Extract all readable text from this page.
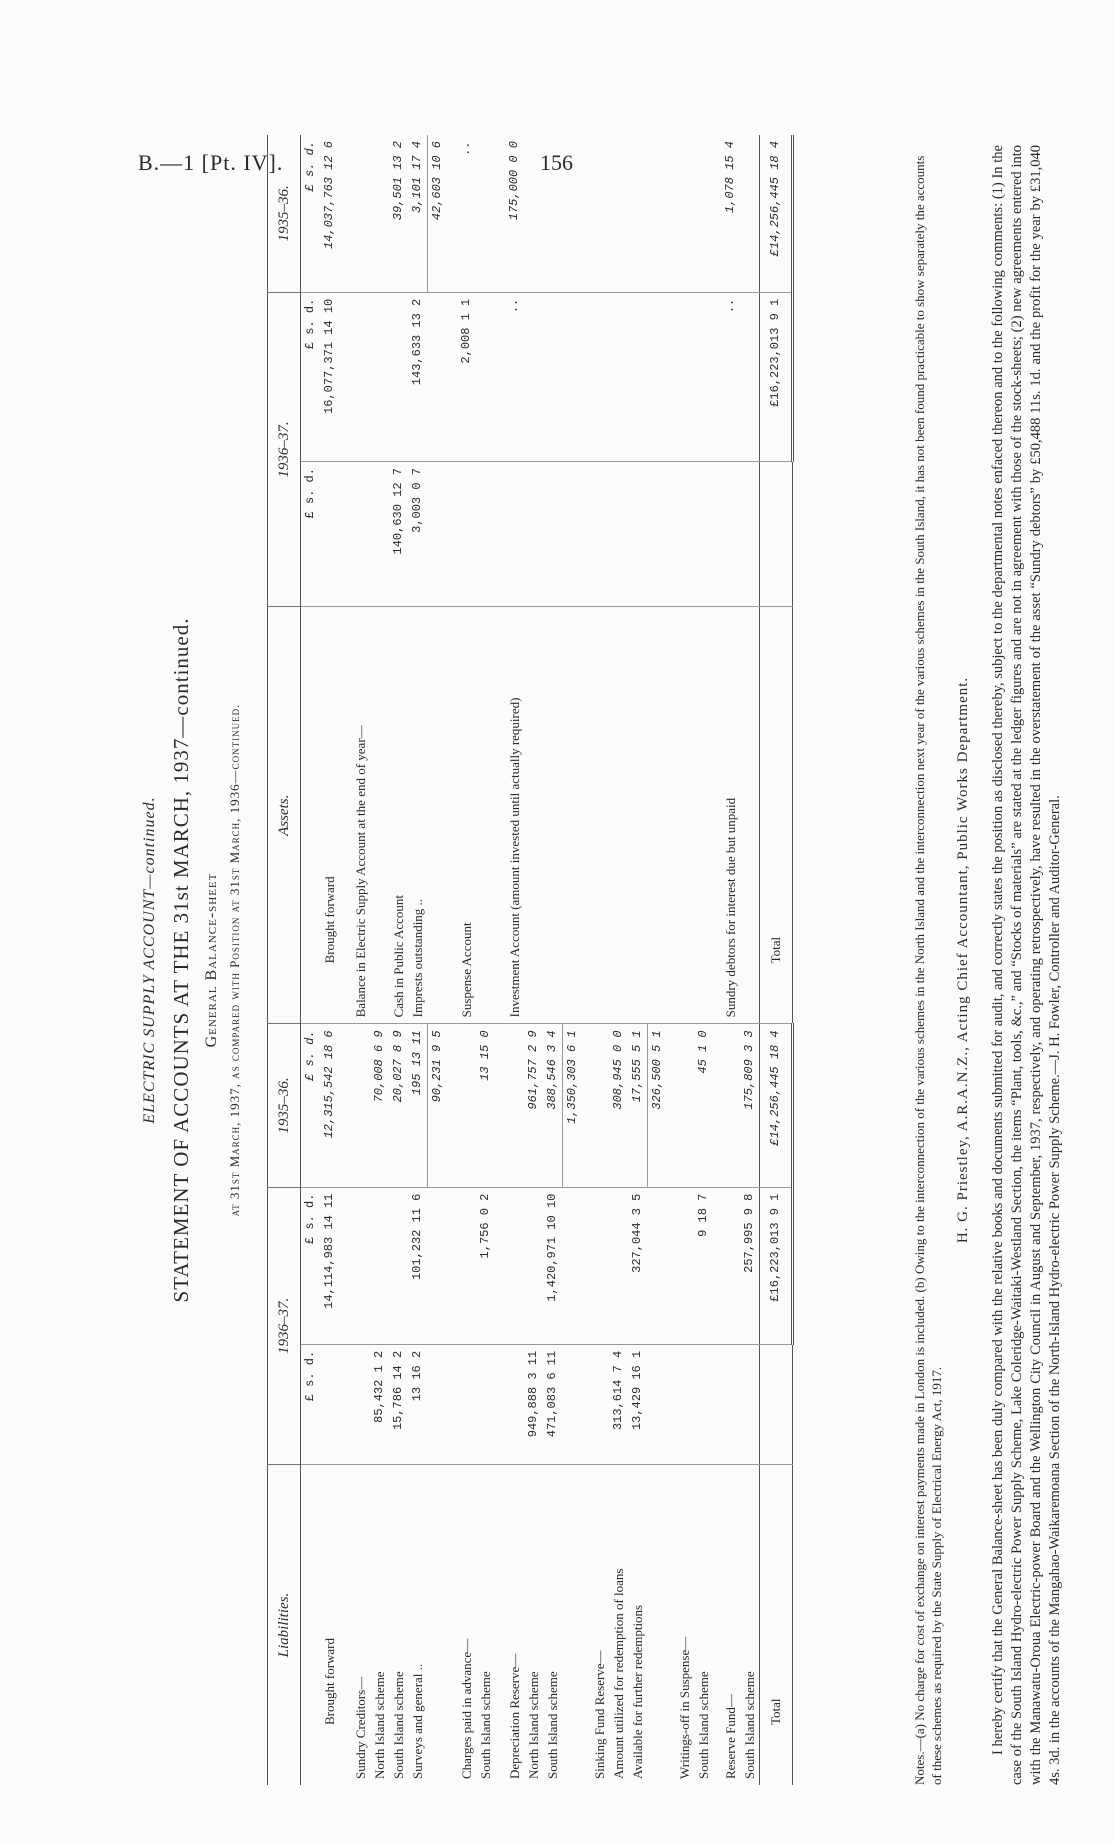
B.—1 [Pt. IV].	156
ELECTRIC SUPPLY ACCOUNT—continued. STATEMENT OF ACCOUNTS AT THE 31st MARCH, 1937—continued. General Balance-sheet at 31st March, 1937, as compared with Position at 31st March, 1936—continued.
Liabilities.	1936–37.		1935–36.	Assets.	1936–37.		1935–36.
	£ s. d.	£ s. d.	£ s. d.		£ s. d.	£ s. d.	£ s. d.
Brought forward		14,114,983 14 11	12,315,542 18 6	Brought forward		16,077,371 14 10	14,037,763 12 6
Sundry Creditors—				Balance in Electric Supply Account at the end of year—			
North Island scheme	85,432 1 2		70,008 6 9				
South Island scheme	15,786 14 2		20,027 8 9	Cash in Public Account	140,630 12 7		39,501 13 2
Surveys and general ..	13 16 2	101,232 11 6	195 13 11	Imprests outstanding ..	3,003 0 7	143,633 13 2	3,101 17 4
			90,231 9 5				42,603 10 6
Charges paid in advance—				Suspense Account		2,008 1 1	..
South Island scheme		1,756 0 2	13 15 0				
Depreciation Reserve—				Investment Account (amount invested until actually required)		..	175,000 0 0
North Island scheme	949,888 3 11		961,757 2 9				
South Island scheme	471,083 6 11	1,420,971 10 10	388,546 3 4				
			1,350,303 6 1				
Sinking Fund Reserve—							
Amount utilized for redemption of loans	313,614 7 4		308,945 0 0				
Available for further redemptions	13,429 16 1	327,044 3 5	17,555 5 1				
			326,500 5 1				
Writings-off in Suspense—							
South Island scheme		9 18 7	45 1 0				
Reserve Fund—				Sundry debtors for interest due but unpaid		..	1,078 15 4
South Island scheme		257,995 9 8	175,809 3 3				
Total		£16,223,013 9 1	£14,256,445 18 4	Total		£16,223,013 9 1	£14,256,445 18 4
Notes.—(a) No charge for cost of exchange on interest payments made in London is included. (b) Owing to the interconnection of the various schemes in the North Island and the interconnection next year of the various schemes in the South Island, it has not been found practicable to show separately the accounts of these schemes as required by the State Supply of Electrical Energy Act, 1917.
H. G. Priestley, A.R.A.N.Z., Acting Chief Accountant, Public Works Department. I hereby certify that the General Balance-sheet has been duly compared with the relative books and documents submitted for audit, and correctly states the position as disclosed thereby, subject to the departmental notes enfaced thereon and to the following comments: (1) In the case of the South Island Hydro-electric Power Supply Scheme, Lake Coleridge-Waitaki-Westland Section, the items “Plant, tools, &c.,” and “Stocks of materials” are stated at the ledger figures and are not in agreement with those of the stock-sheets; (2) new agreements entered into with the Manawatu-Oroua Electric-power Board and the Wellington City Council in August and September, 1937, respectively, and operating retrospectively, have resulted in the overstatement of the asset “Sundry debtors” by £50,488 11s. 1d. and the profit for the year by £31,040 4s. 3d. in the accounts of the Mangahao-Waikaremoana Section of the North-Island Hydro-electric Power Supply Scheme.—J. H. Fowler, Controller and Auditor-General.
